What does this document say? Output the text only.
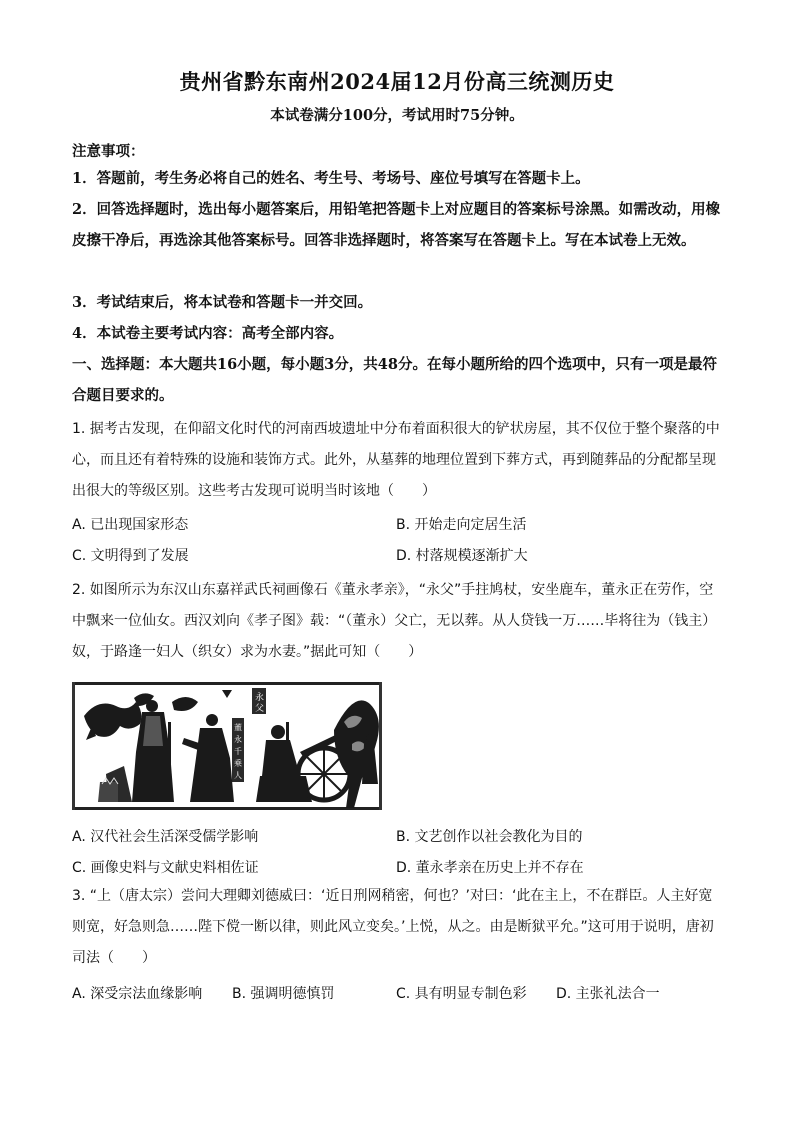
贵州省黔东南州2024届12月份高三统测历史
本试卷满分100分，考试用时75分钟。
注意事项：
1．答题前，考生务必将自己的姓名、考生号、考场号、座位号填写在答题卡上。
2．回答选择题时，选出每小题答案后，用铅笔把答题卡上对应题目的答案标号涂黑。如需改动，用橡皮擦干净后，再选涂其他答案标号。回答非选择题时，将答案写在答题卡上。写在本试卷上无效。
3．考试结束后，将本试卷和答题卡一并交回。
4．本试卷主要考试内容：高考全部内容。
一、选择题：本大题共16小题，每小题3分，共48分。在每小题所给的四个选项中，只有一项是最符合题目要求的。
1. 据考古发现，在仰韶文化时代的河南西坡遗址中分布着面积很大的铲状房屋，其不仅位于整个聚落的中心，而且还有着特殊的设施和装饰方式。此外，从墓葬的地理位置到下葬方式，再到随葬品的分配都呈现出很大的等级区别。这些考古发现可说明当时该地（　　）
A. 已出现国家形态	B. 开始走向定居生活
C. 文明得到了发展	D. 村落规模逐渐扩大
2. 如图所示为东汉山东嘉祥武氏祠画像石《董永孝亲》，“永父”手拄鸠杖，安坐鹿车，董永正在劳作，空中飘来一位仙女。西汉刘向《孝子图》载：“（董永）父亡，无以葬。从人贷钱一万……毕将往为（钱主）奴，于路逢一妇人（织女）求为水妻。”据此可知（　　）
永
父
董
永
千
乘
人
A. 汉代社会生活深受儒学影响	B. 文艺创作以社会教化为目的
C. 画像史料与文献史料相佐证	D. 董永孝亲在历史上并不存在
3. “上（唐太宗）尝问大理卿刘德威曰：‘近日刑网稍密，何也？’对曰：‘此在主上，不在群臣。人主好宽则宽，好急则急……陛下傥一断以律，则此风立变矣。’上悦，从之。由是断狱平允。”这可用于说明，唐初司法（　　）
A. 深受宗法血缘影响 B. 强调明德慎罚	C. 具有明显专制色彩 D. 主张礼法合一
